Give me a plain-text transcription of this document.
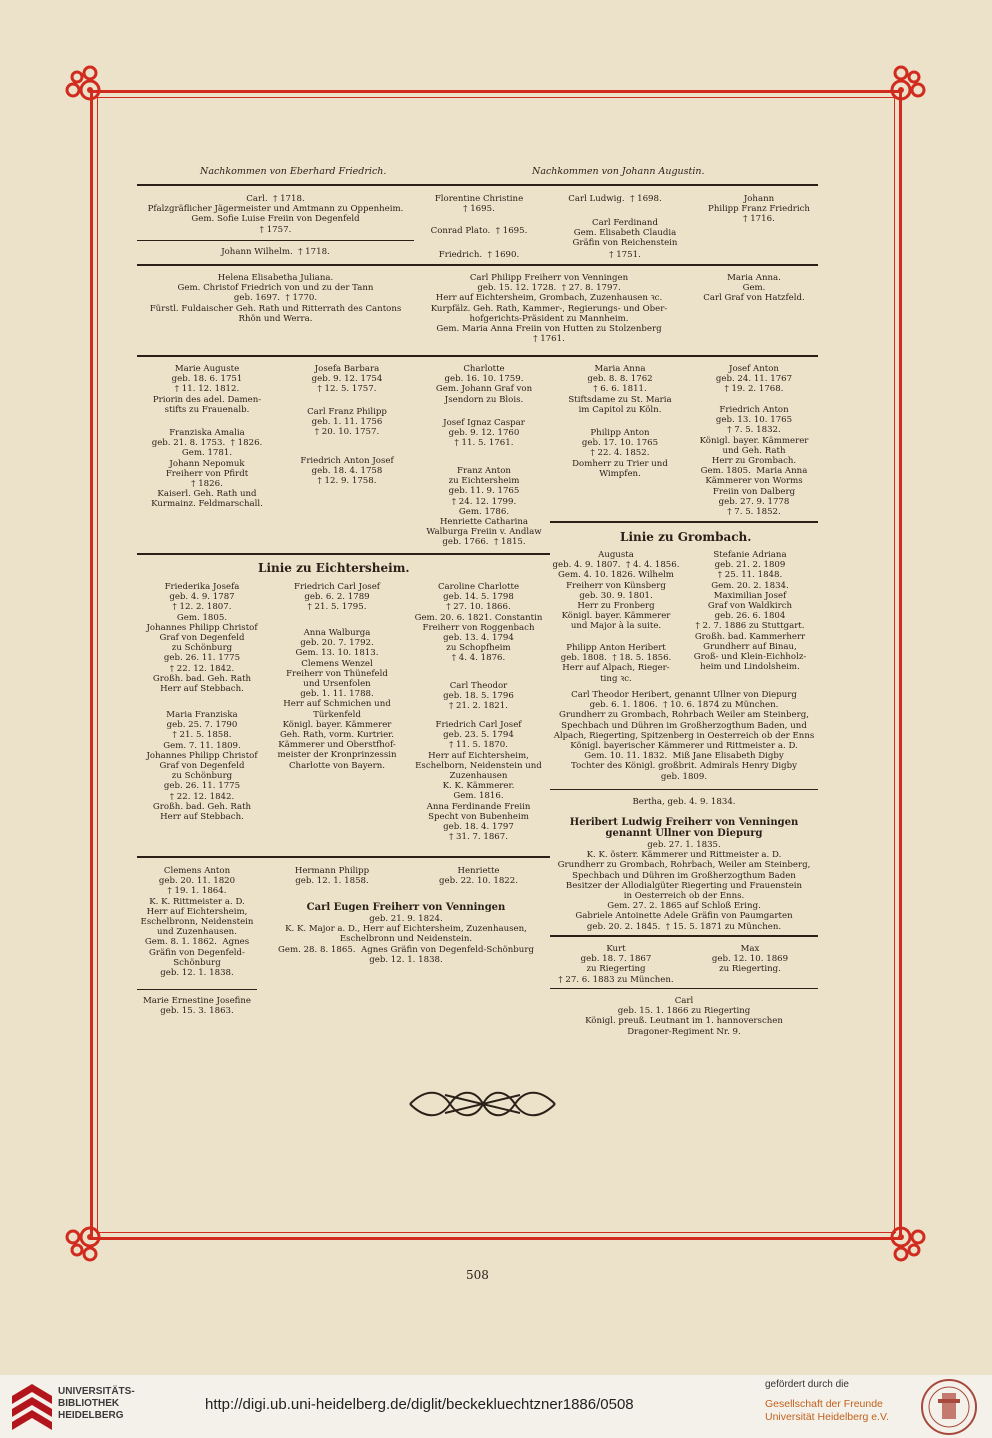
Nachkommen von Eberhard Friedrich.	Nachkommen von Johann Augustin.
Carl.  † 1718.
Pfalzgräflicher Jägermeister und Amtmann zu Oppenheim.
Gem. Sofie Luise Freiin von Degenfeld
† 1757.
Johann Wilhelm.  † 1718.
Florentine Christine
† 1695.
Conrad Plato.  † 1695.
Carl Ludwig.  † 1698.
Carl Ferdinand
Gem. Elisabeth Claudia
Gräfin von Reichenstein
Friedrich.  † 1690.	† 1751.
Johann
Philipp Franz Friedrich
† 1716.
Helena Elisabetha Juliana.
Gem. Christof Friedrich von und zu der Tann
geb. 1697.  † 1770.
Fürstl. Fuldaischer Geh. Rath und Ritterrath des Cantons
Rhön und Werra.
Carl Philipp Freiherr von Venningen
geb. 15. 12. 1728.  † 27. 8. 1797.
Herr auf Eichtersheim, Grombach, Zuzenhausen ꝛc.
Kurpfälz. Geh. Rath, Kammer-, Regierungs- und Ober-
hofgerichts-Präsident zu Mannheim.
Gem. Maria Anna Freiin von Hutten zu Stolzenberg
† 1761.
Maria Anna.
Gem.
Carl Graf von Hatzfeld.
Marie Auguste
geb. 18. 6. 1751
† 11. 12. 1812.
Priorin des adel. Damen-
stifts zu Frauenalb.
Franziska Amalia
geb. 21. 8. 1753.  † 1826.
Gem. 1781.
Johann Nepomuk
Freiherr von Pfirdt
† 1826.
Kaiserl. Geh. Rath und
Kurmainz. Feldmarschall.
Josefa Barbara
geb. 9. 12. 1754
† 12. 5. 1757.
Carl Franz Philipp
geb. 1. 11. 1756
† 20. 10. 1757.
Friedrich Anton Josef
geb. 18. 4. 1758
† 12. 9. 1758.
Charlotte
geb. 16. 10. 1759.
Gem. Johann Graf von
Jsendorn zu Blois.
Josef Ignaz Caspar
geb. 9. 12. 1760
† 11. 5. 1761.
Franz Anton
zu Eichtersheim
geb. 11. 9. 1765
† 24. 12. 1799.
Gem. 1786.
Henriette Catharina
Walburga Freiin v. Andlaw
geb. 1766.  † 1815.
Maria Anna
geb. 8. 8. 1762
† 6. 6. 1811.
Stiftsdame zu St. Maria
im Capitol zu Köln.
Philipp Anton
geb. 17. 10. 1765
† 22. 4. 1852.
Domherr zu Trier und
Wimpfen.
Josef Anton
geb. 24. 11. 1767
† 19. 2. 1768.
Friedrich Anton
geb. 13. 10. 1765
† 7. 5. 1832.
Königl. bayer. Kämmerer
und Geh. Rath
Herr zu Grombach.
Gem. 1805.  Maria Anna
Kämmerer von Worms
Freiin von Dalberg
geb. 27. 9. 1778
† 7. 5. 1852.
Linie zu Grombach.
Augusta
geb. 4. 9. 1807.  † 4. 4. 1856.
Gem. 4. 10. 1826. Wilhelm
Freiherr von Künsberg
geb. 30. 9. 1801.
Herr zu Fronberg
Königl. bayer. Kämmerer
und Major à la suite.
Philipp Anton Heribert
geb. 1808.  † 18. 5. 1856.
Herr auf Alpach, Rieger-
ting ꝛc.
Stefanie Adriana
geb. 21. 2. 1809
† 25. 11. 1848.
Gem. 20. 2. 1834.
Maximilian Josef
Graf von Waldkirch
geb. 26. 6. 1804
† 2. 7. 1886 zu Stuttgart.
Großh. bad. Kammerherr
Grundherr auf Binau,
Groß- und Klein-Eichholz-
heim und Lindolsheim.
Carl Theodor Heribert, genannt Ullner von Diepurg
geb. 6. 1. 1806.  † 10. 6. 1874 zu München.
Grundherr zu Grombach, Rohrbach Weiler am Steinberg,
Spechbach und Dühren im Großherzogthum Baden, und
Alpach, Riegerting, Spitzenberg in Oesterreich ob der Enns
Königl. bayerischer Kämmerer und Rittmeister a. D.
Gem. 10. 11. 1832.  Miß Jane Elisabeth Digby
Tochter des Königl. großbrit. Admirals Henry Digby
geb. 1809.
Bertha, geb. 4. 9. 1834.
Heribert Ludwig Freiherr von Venningen
genannt Ullner von Diepurg
geb. 27. 1. 1835.
K. K. österr. Kämmerer und Rittmeister a. D.
Grundherr zu Grombach, Rohrbach, Weiler am Steinberg,
Spechbach und Dühren im Großherzogthum Baden
Besitzer der Allodialgüter Riegerting und Frauenstein
in Oesterreich ob der Enns.
Gem. 27. 2. 1865 auf Schloß Ering.
Gabriele Antoinette Adele Gräfin von Paumgarten
geb. 20. 2. 1845.  † 15. 5. 1871 zu München.
Kurt
geb. 18. 7. 1867
zu Riegerting
† 27. 6. 1883 zu München.
Max
geb. 12. 10. 1869
zu Riegerting.
Carl
geb. 15. 1. 1866 zu Riegerting
Königl. preuß. Leutnant im 1. hannoverschen
Dragoner-Regiment Nr. 9.
Linie zu Eichtersheim.
Friederika Josefa
geb. 4. 9. 1787
† 12. 2. 1807.
Gem. 1805.
Johannes Philipp Christof
Graf von Degenfeld
zu Schönburg
geb. 26. 11. 1775
† 22. 12. 1842.
Großh. bad. Geh. Rath
Herr auf Stebbach.
Maria Franziska
geb. 25. 7. 1790
† 21. 5. 1858.
Gem. 7. 11. 1809.
Johannes Philipp Christof
Graf von Degenfeld
zu Schönburg
geb. 26. 11. 1775
† 22. 12. 1842.
Großh. bad. Geh. Rath
Herr auf Stebbach.
Friedrich Carl Josef
geb. 6. 2. 1789
† 21. 5. 1795.
Anna Walburga
geb. 20. 7. 1792.
Gem. 13. 10. 1813.
Clemens Wenzel
Freiherr von Thünefeld
und Ursenfolen
geb. 1. 11. 1788.
Herr auf Schmichen und
Türkenfeld
Königl. bayer. Kämmerer
Geh. Rath, vorm. Kurtrier.
Kämmerer und Oberstfhof-
meister der Kronprinzessin
Charlotte von Bayern.
Caroline Charlotte
geb. 14. 5. 1798
† 27. 10. 1866.
Gem. 20. 6. 1821. Constantin
Freiherr von Roggenbach
geb. 13. 4. 1794
zu Schopfheim
† 4. 4. 1876.
Carl Theodor
geb. 18. 5. 1796
† 21. 2. 1821.
Friedrich Carl Josef
geb. 23. 5. 1794
† 11. 5. 1870.
Herr auf Eichtersheim,
Eschelborn, Neidenstein und
Zuzenhausen
K. K. Kämmerer.
Gem. 1816.
Anna Ferdinande Freiin
Specht von Bubenheim
geb. 18. 4. 1797
† 31. 7. 1867.
Clemens Anton
geb. 20. 11. 1820
† 19. 1. 1864.
K. K. Rittmeister a. D.
Herr auf Eichtersheim,
Eschelbronn, Neidenstein
und Zuzenhausen.
Gem. 8. 1. 1862.  Agnes
Gräfin von Degenfeld-
Schönburg
geb. 12. 1. 1838.
Hermann Philipp
geb. 12. 1. 1858.
Henriette
geb. 22. 10. 1822.
Carl Eugen Freiherr von Venningen
geb. 21. 9. 1824.
K. K. Major a. D., Herr auf Eichtersheim, Zuzenhausen,
Eschelbronn und Neidenstein.
Gem. 28. 8. 1865.  Agnes Gräfin von Degenfeld-Schönburg
geb. 12. 1. 1838.
Marie Ernestine Josefine
geb. 15. 3. 1863.
508
UNIVERSITÄTS-
BIBLIOTHEK
HEIDELBERG
http://digi.ub.uni-heidelberg.de/diglit/beckekluechtzner1886/0508
gefördert durch die
Gesellschaft der Freunde
Universität Heidelberg e.V.
